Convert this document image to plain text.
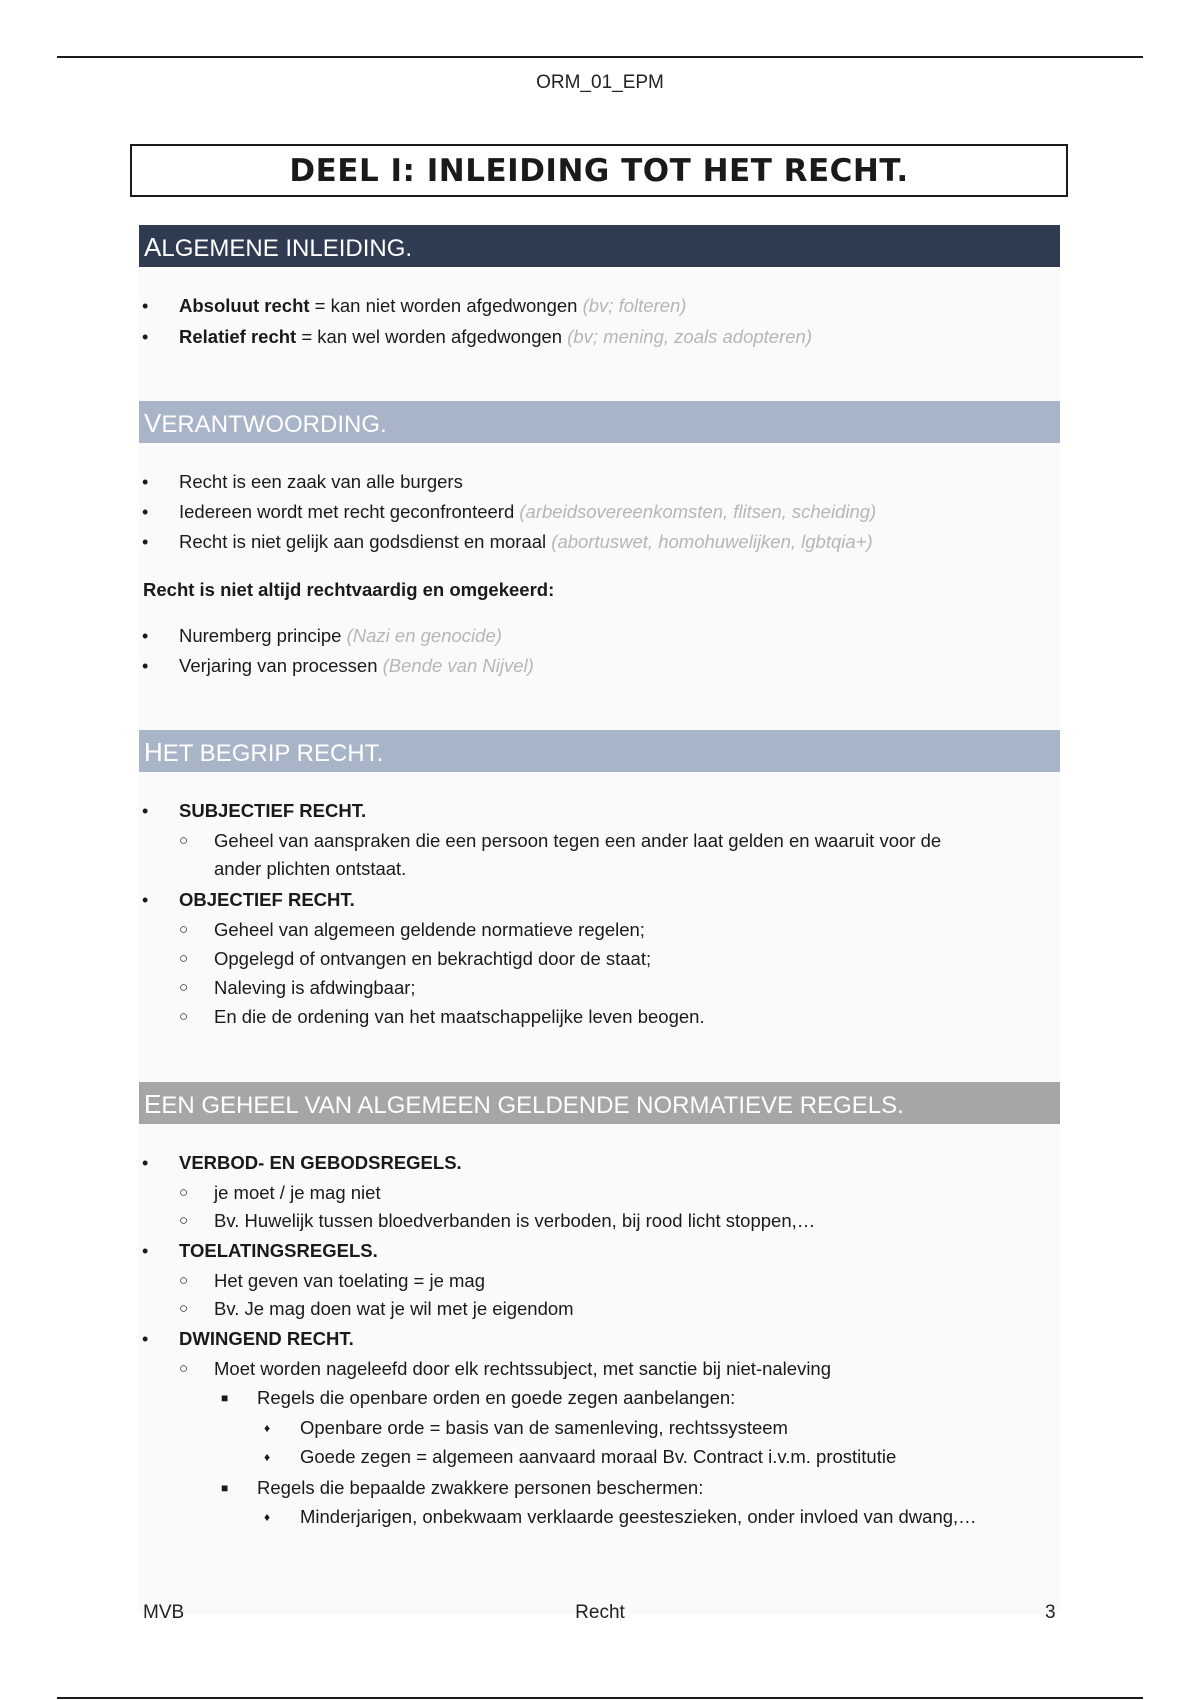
ORM_01_EPM
DEEL I: INLEIDING TOT HET RECHT.
ALGEMENE INLEIDING.
• Absoluut recht = kan niet worden afgedwongen (bv; folteren)
• Relatief recht = kan wel worden afgedwongen (bv; mening, zoals adopteren)
VERANTWOORDING.
• Recht is een zaak van alle burgers
• Iedereen wordt met recht geconfronteerd (arbeidsovereenkomsten, flitsen, scheiding)
• Recht is niet gelijk aan godsdienst en moraal (abortuswet, homohuwelijken, lgbtqia+)
Recht is niet altijd rechtvaardig en omgekeerd:
• Nuremberg principe (Nazi en genocide)
• Verjaring van processen (Bende van Nijvel)
HET BEGRIP RECHT.
• SUBJECTIEF RECHT.
○ Geheel van aanspraken die een persoon tegen een ander laat gelden en waaruit voor de
ander plichten ontstaat.
• OBJECTIEF RECHT.
○ Geheel van algemeen geldende normatieve regelen;
○ Opgelegd of ontvangen en bekrachtigd door de staat;
○ Naleving is afdwingbaar;
○ En die de ordening van het maatschappelijke leven beogen.
EEN GEHEEL VAN ALGEMEEN GELDENDE NORMATIEVE REGELS.
• VERBOD- EN GEBODSREGELS.
○ je moet / je mag niet
○ Bv. Huwelijk tussen bloedverbanden is verboden, bij rood licht stoppen,…
• TOELATINGSREGELS.
○ Het geven van toelating = je mag
○ Bv. Je mag doen wat je wil met je eigendom
• DWINGEND RECHT.
○ Moet worden nageleefd door elk rechtssubject, met sanctie bij niet-naleving
■ Regels die openbare orden en goede zegen aanbelangen:
♦ Openbare orde = basis van de samenleving, rechtssysteem
♦ Goede zegen = algemeen aanvaard moraal Bv. Contract i.v.m. prostitutie
■ Regels die bepaalde zwakkere personen beschermen:
♦ Minderjarigen, onbekwaam verklaarde geesteszieken, onder invloed van dwang,…
MVB	Recht	3
